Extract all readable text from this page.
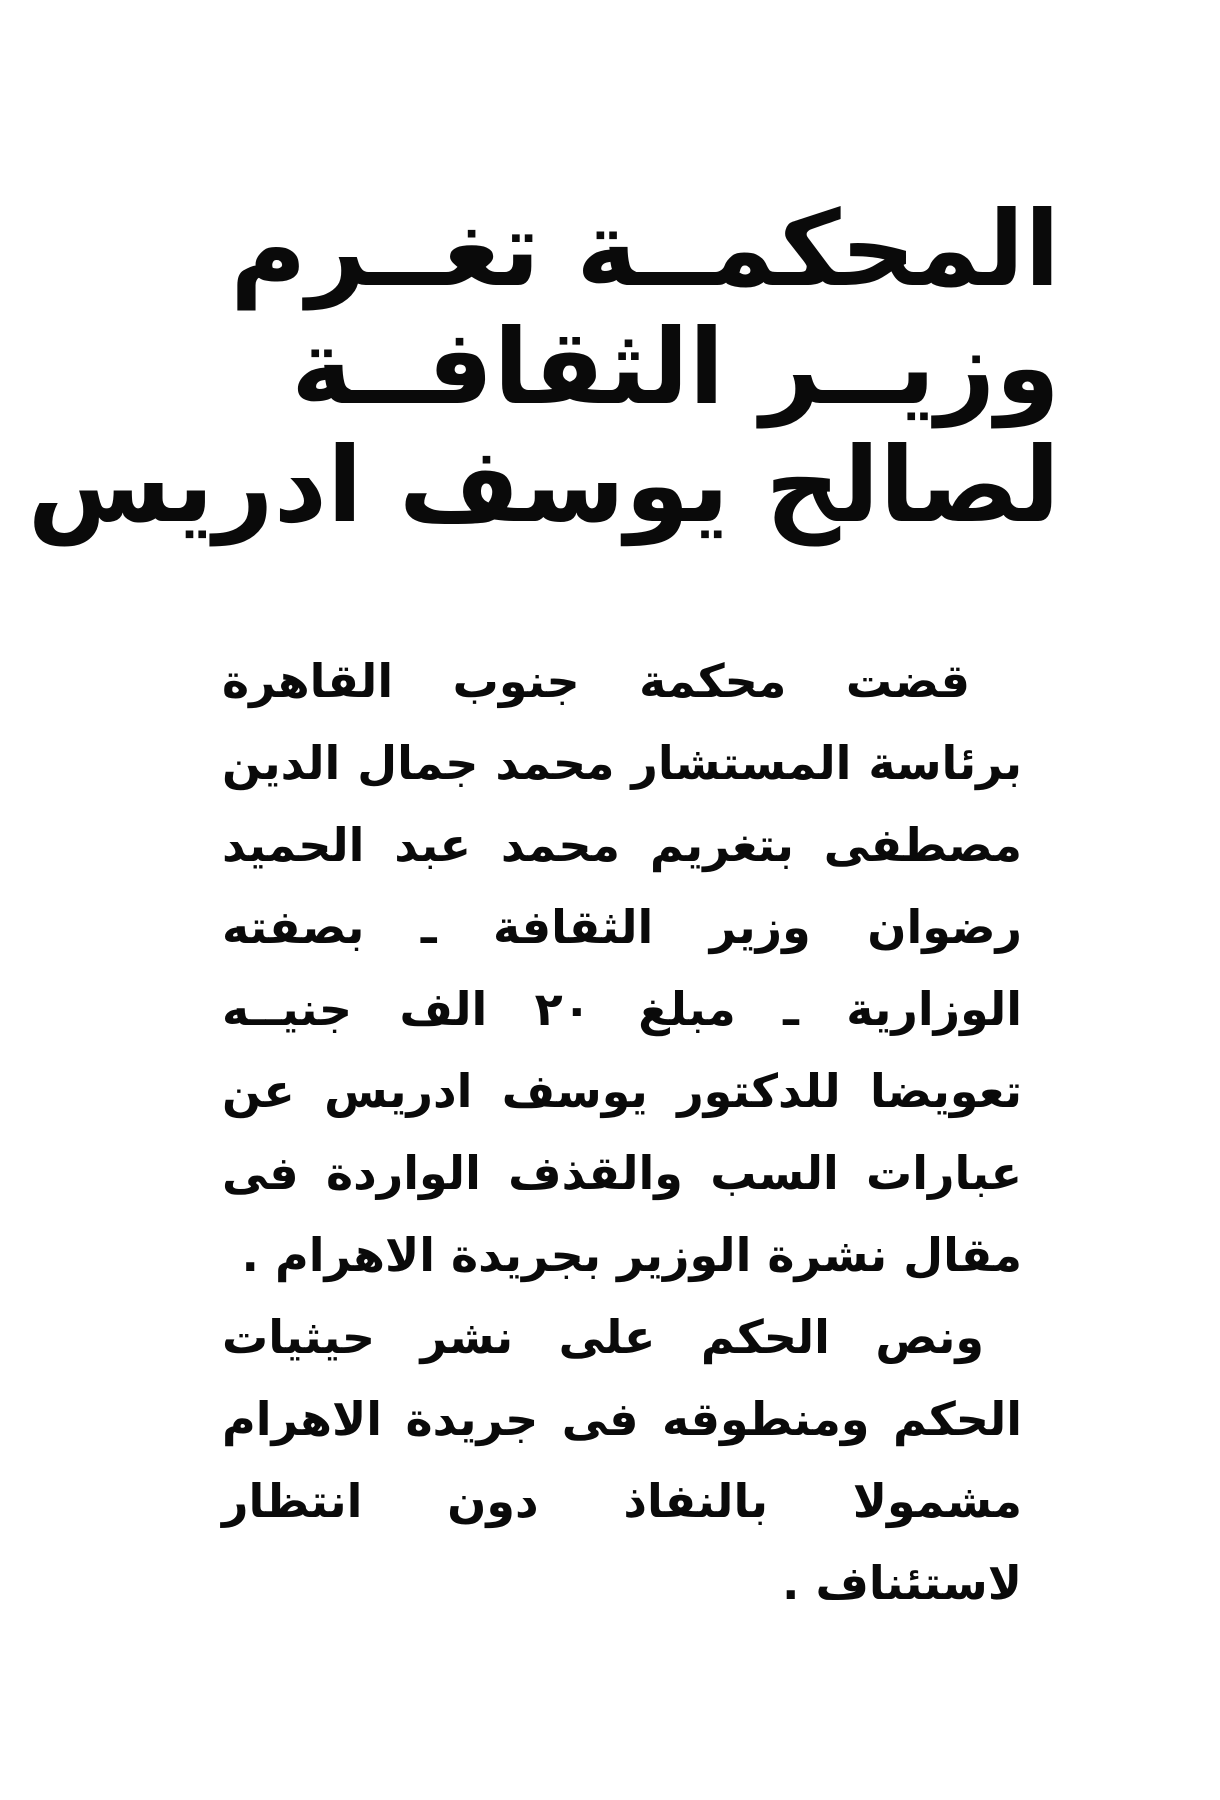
المحكمــة تغــرم
وزيــر الثقافــة
لصالح يوسف ادريس

قضت محكمة جنوب القاهرة برئاسة المستشار محمد جمال الدين مصطفى بتغريم محمد عبد الحميد رضوان وزير الثقافة ـ بصفته الوزارية ـ مبلغ ٢٠ الف جنيــه تعويضا للدكتور يوسف ادريس عن عبارات السب والقذف الواردة فى مقال نشرة الوزير بجريدة الاهرام .

ونص الحكم على نشر حيثيات الحكم ومنطوقه فى جريدة الاهرام مشمولا بالنفاذ دون انتظار لاستئناف .
